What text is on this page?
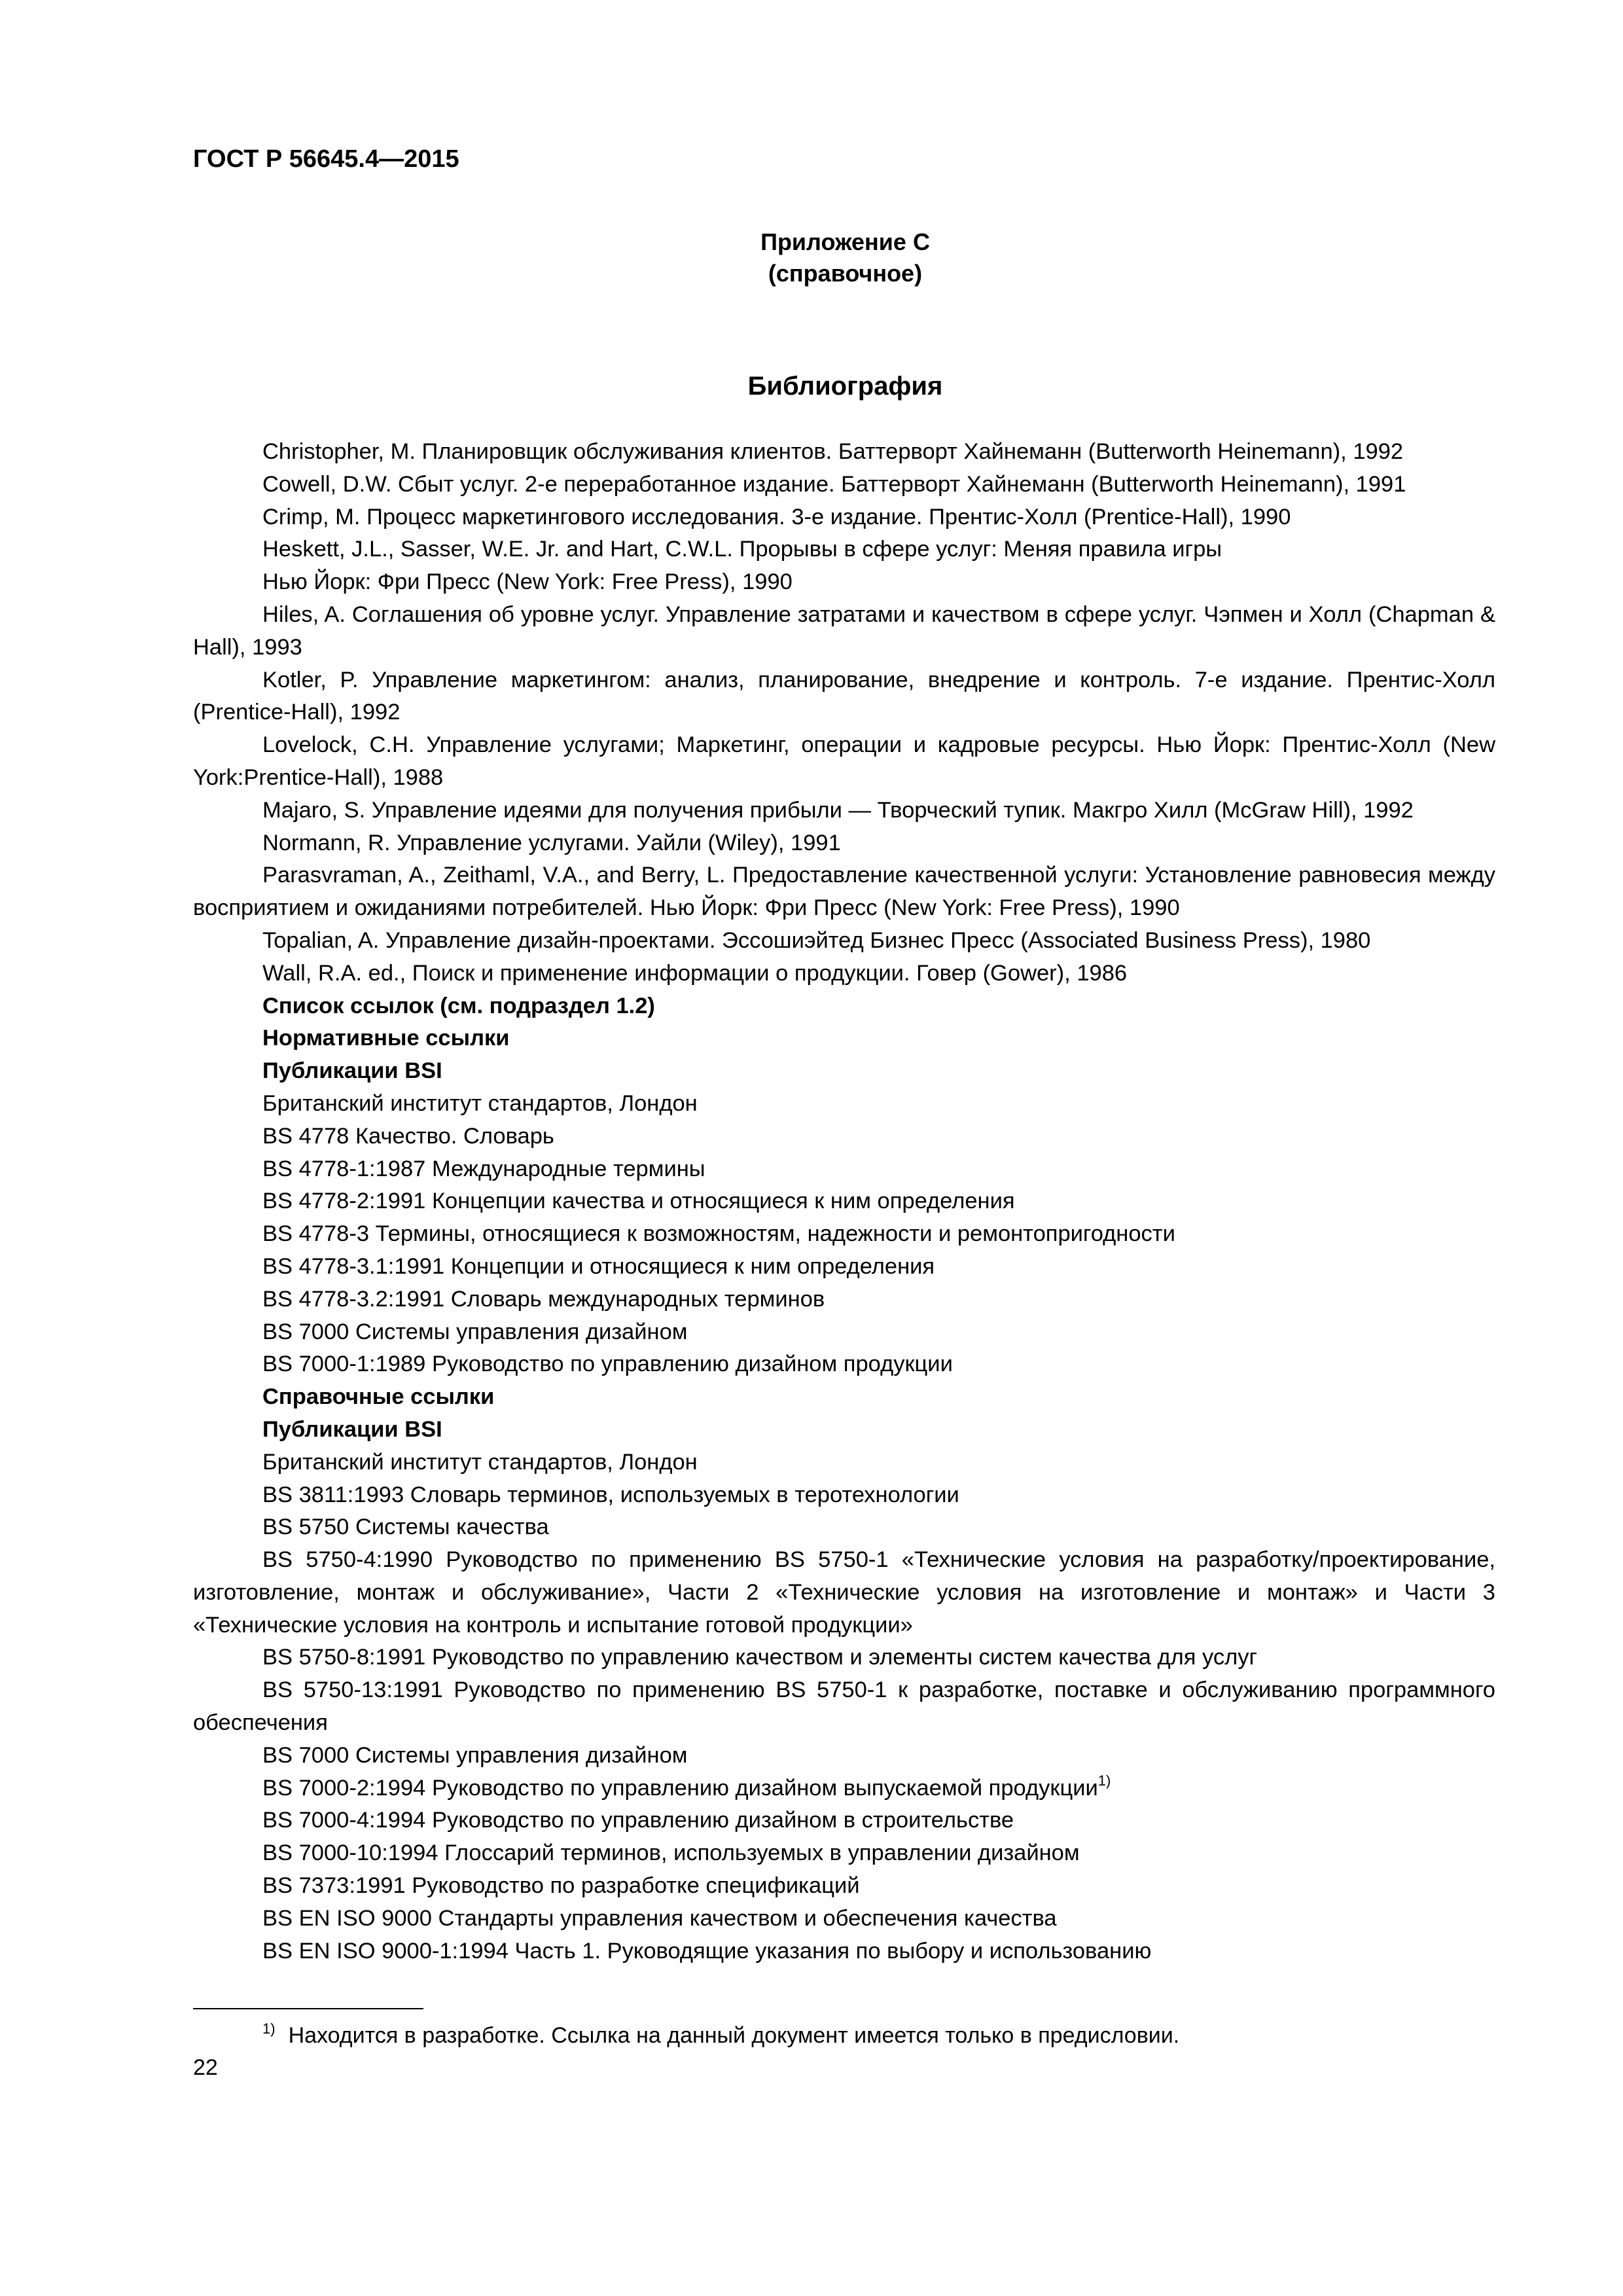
ГОСТ Р 56645.4—2015
Приложение С
(справочное)
Библиография

Christopher, M. Планировщик обслуживания клиентов. Баттерворт Хайнеманн (Butterworth Heinemann), 1992

Cowell, D.W. Сбыт услуг. 2-е переработанное издание. Баттерворт Хайнеманн (Butterworth Heinemann), 1991

Crimp, M. Процесс маркетингового исследования. 3-е издание. Прентис-Холл (Prentice-Hall), 1990

Heskett, J.L., Sasser, W.E. Jr. and Hart, C.W.L. Прорывы в сфере услуг: Меняя правила игры

Нью Йорк: Фри Пресс (New York: Free Press), 1990

Hiles, A. Соглашения об уровне услуг. Управление затратами и качеством в сфере услуг. Чэпмен и Холл (Chapman & Hall), 1993

Kotler, P. Управление маркетингом: анализ, планирование, внедрение и контроль. 7-е издание. Прентис-Холл (Prentice-Hall), 1992

Lovelock, C.H. Управление услугами; Маркетинг, операции и кадровые ресурсы. Нью Йорк: Прентис-Холл (New York:Prentice-Hall), 1988

Majaro, S. Управление идеями для получения прибыли — Творческий тупик. Макгро Хилл (McGraw Hill), 1992

Normann, R. Управление услугами. Уайли (Wiley), 1991

Parasvraman, A., Zeithaml, V.A., and Berry, L. Предоставление качественной услуги: Установление равновесия между восприятием и ожиданиями потребителей. Нью Йорк: Фри Пресс (New York: Free Press), 1990

Topalian, A. Управление дизайн-проектами. Эссошиэйтед Бизнес Пресс (Associated Business Press), 1980

Wall, R.A. ed., Поиск и применение информации о продукции. Говер (Gower), 1986

Список ссылок (см. подраздел 1.2)

Нормативные ссылки

Публикации BSI

Британский институт стандартов, Лондон

BS 4778 Качество. Словарь

BS 4778-1:1987 Международные термины

BS 4778-2:1991 Концепции качества и относящиеся к ним определения

BS 4778-3 Термины, относящиеся к возможностям, надежности и ремонтопригодности

BS 4778-3.1:1991 Концепции и относящиеся к ним определения

BS 4778-3.2:1991 Словарь международных терминов

BS 7000 Системы управления дизайном

BS 7000-1:1989 Руководство по управлению дизайном продукции

Справочные ссылки

Публикации BSI

Британский институт стандартов, Лондон

BS 3811:1993 Словарь терминов, используемых в теротехнологии

BS 5750 Системы качества

BS 5750-4:1990 Руководство по применению BS 5750-1 «Технические условия на разработку/проектирование, изготовление, монтаж и обслуживание», Части 2 «Технические условия на изготовление и монтаж» и Части 3 «Технические условия на контроль и испытание готовой продукции»

BS 5750-8:1991 Руководство по управлению качеством и элементы систем качества для услуг

BS 5750-13:1991 Руководство по применению BS 5750-1 к разработке, поставке и обслуживанию программного обеспечения

BS 7000 Системы управления дизайном

BS 7000-2:1994 Руководство по управлению дизайном выпускаемой продукции$^{1)}$

BS 7000-4:1994 Руководство по управлению дизайном в строительстве

BS 7000-10:1994 Глоссарий терминов, используемых в управлении дизайном

BS 7373:1991 Руководство по разработке спецификаций

BS EN ISO 9000 Стандарты управления качеством и обеспечения качества

BS EN ISO 9000-1:1994 Часть 1. Руководящие указания по выбору и использованию

$^{1)}$ Находится в разработке. Ссылка на данный документ имеется только в предисловии.
22
